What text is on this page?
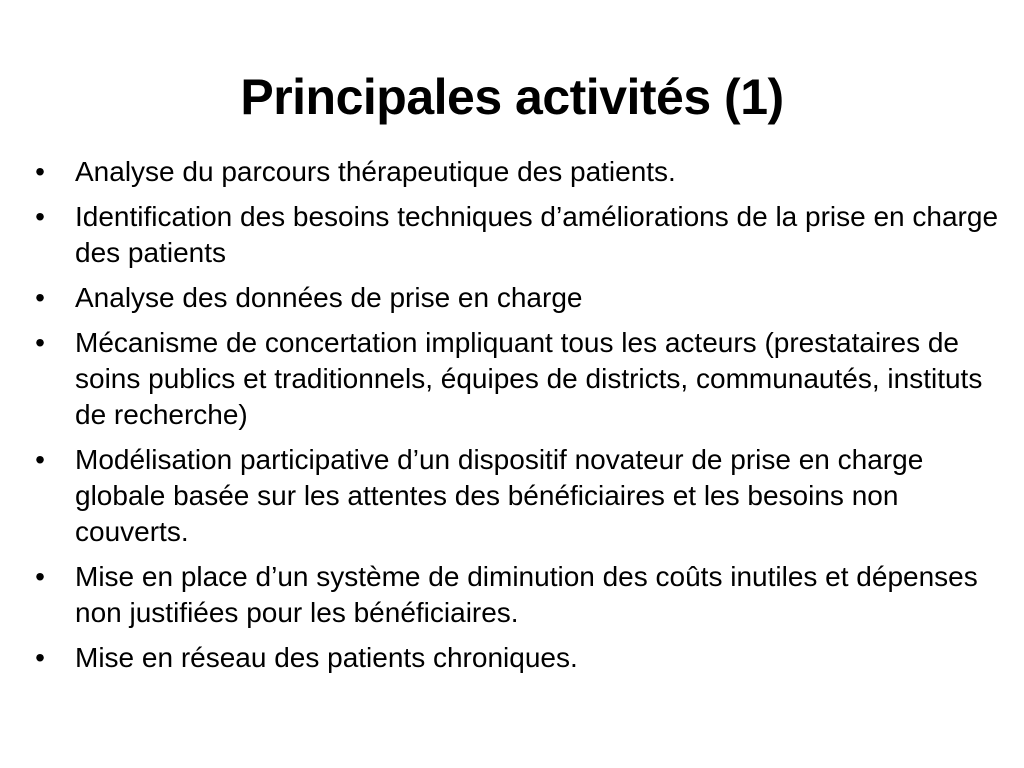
Principales activités (1)
• Analyse du parcours thérapeutique des patients.
• Identification des besoins techniques d’améliorations de la prise en charge des patients
• Analyse des données de prise en charge
• Mécanisme de concertation impliquant tous les acteurs (prestataires de soins publics et traditionnels, équipes de districts, communautés, instituts de recherche)
• Modélisation participative d’un dispositif novateur de prise en charge globale basée sur les attentes des bénéficiaires et les besoins non couverts.
• Mise en place d’un système de diminution des coûts inutiles et dépenses non justifiées pour les bénéficiaires.
• Mise en réseau des patients chroniques.
